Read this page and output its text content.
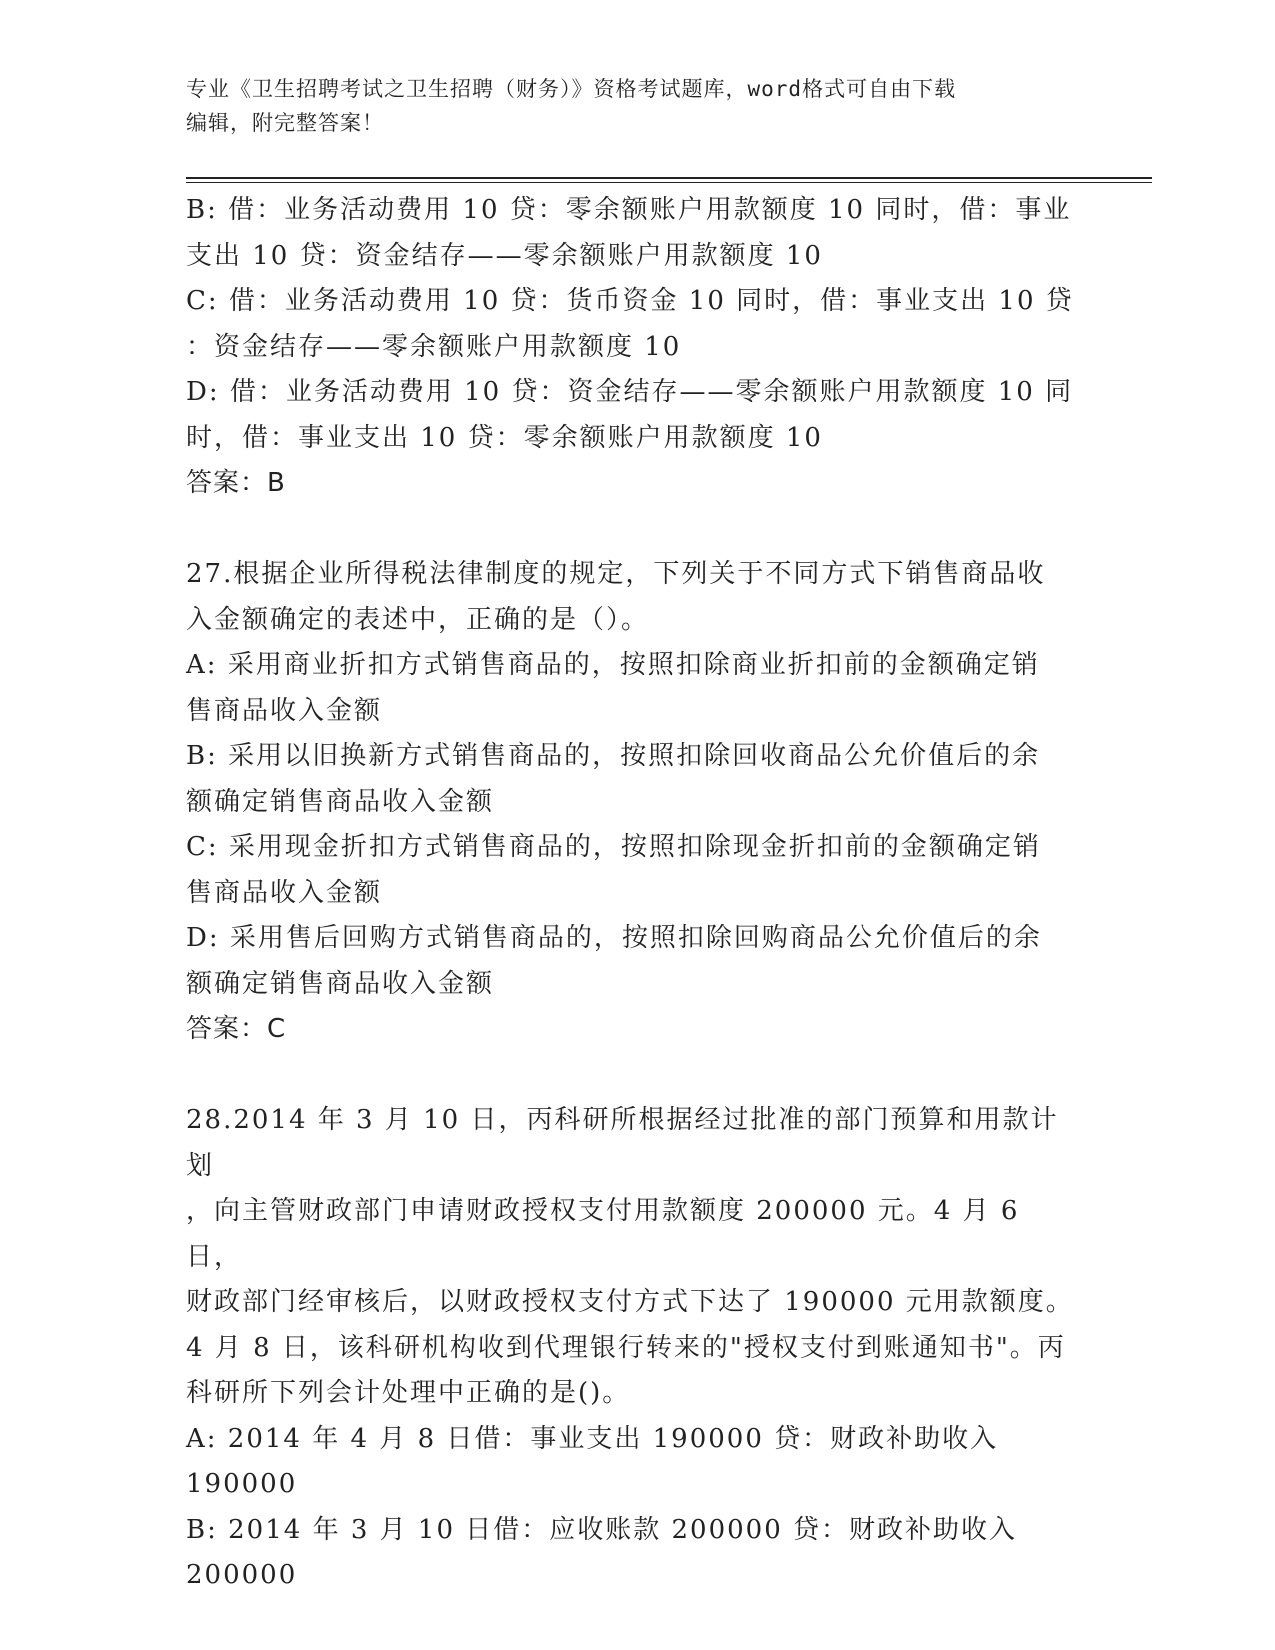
专业《卫生招聘考试之卫生招聘（财务）》资格考试题库，word格式可自由下载
编辑，附完整答案！

B: 借：业务活动费用 10 贷：零余额账户用款额度 10 同时，借：事业

支出 10 贷：资金结存——零余额账户用款额度 10

C: 借：业务活动费用 10 贷：货币资金 10 同时，借：事业支出 10 贷

：资金结存——零余额账户用款额度 10

D: 借：业务活动费用 10 贷：资金结存——零余额账户用款额度 10 同

时，借：事业支出 10 贷：零余额账户用款额度 10

答案：B

27.根据企业所得税法律制度的规定，下列关于不同方式下销售商品收

入金额确定的表述中，正确的是（）。

A: 采用商业折扣方式销售商品的，按照扣除商业折扣前的金额确定销

售商品收入金额

B: 采用以旧换新方式销售商品的，按照扣除回收商品公允价值后的余

额确定销售商品收入金额

C: 采用现金折扣方式销售商品的，按照扣除现金折扣前的金额确定销

售商品收入金额

D: 采用售后回购方式销售商品的，按照扣除回购商品公允价值后的余

额确定销售商品收入金额

答案：C

28.2014 年 3 月 10 日，丙科研所根据经过批准的部门预算和用款计划

，向主管财政部门申请财政授权支付用款额度 200000 元。4 月 6 日，

财政部门经审核后，以财政授权支付方式下达了 190000 元用款额度。

4 月 8 日，该科研机构收到代理银行转来的"授权支付到账通知书"。丙

科研所下列会计处理中正确的是()。

A: 2014 年 4 月 8 日借：事业支出 190000 贷：财政补助收入 190000

B: 2014 年 3 月 10 日借：应收账款 200000 贷：财政补助收入 200000
